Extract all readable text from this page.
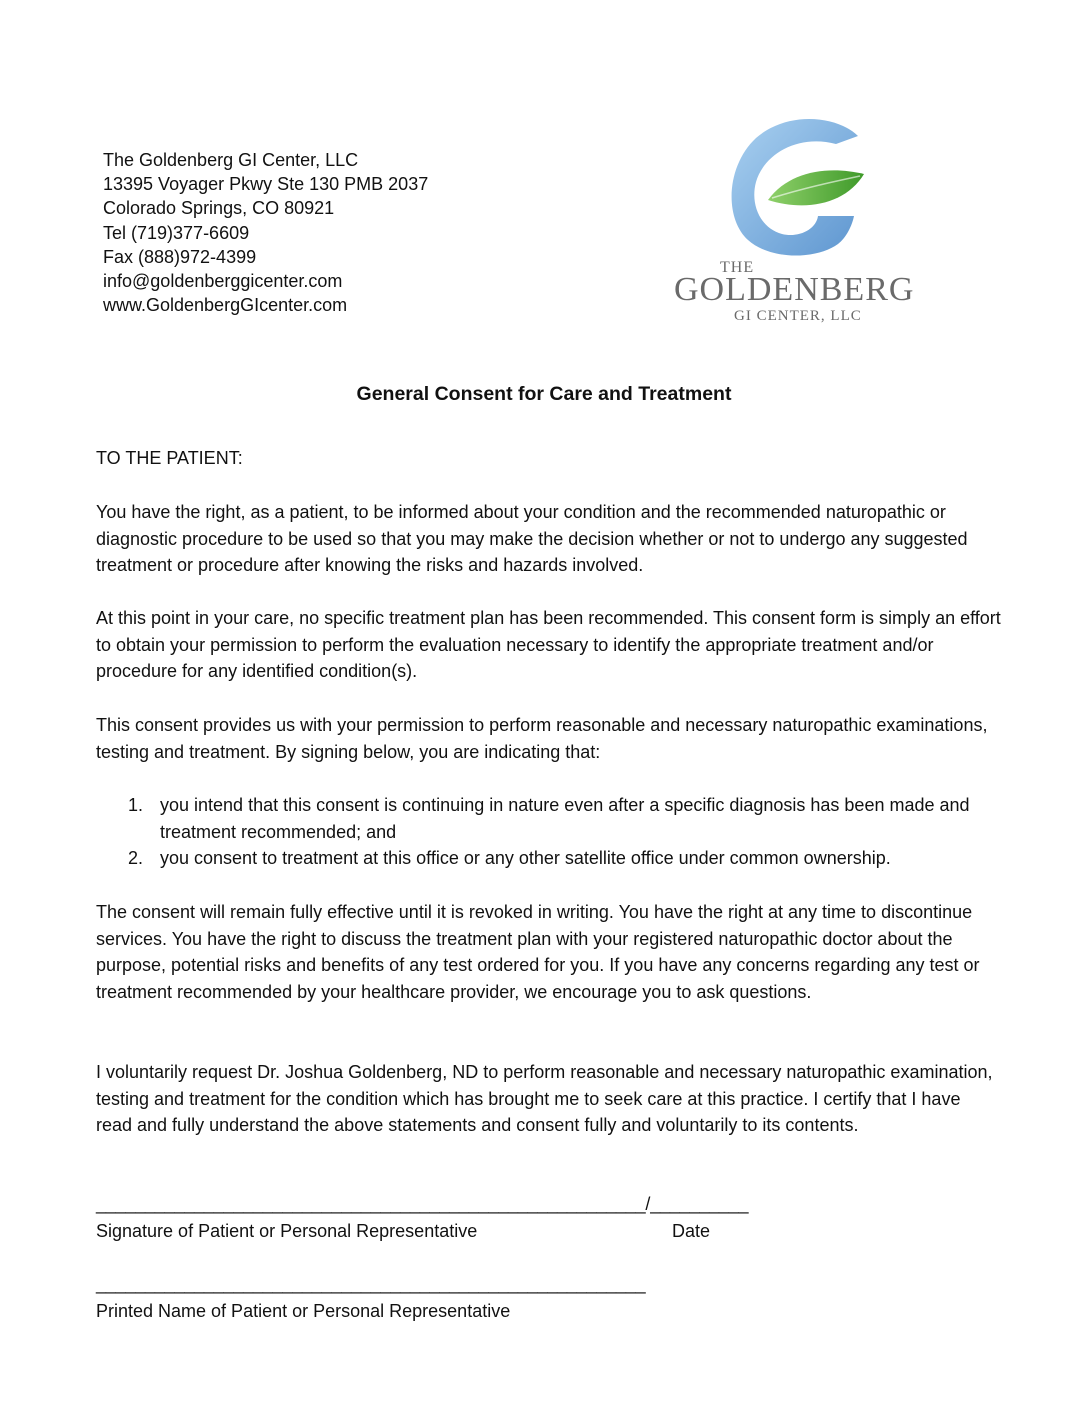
The Goldenberg GI Center, LLC
13395 Voyager Pkwy Ste 130 PMB 2037
Colorado Springs, CO 80921
Tel (719)377-6609
Fax (888)972-4399
info@goldenberggicenter.com
www.GoldenbergGIcenter.com
THE
GOLDENBERG
GI CENTER, LLC
General Consent for Care and Treatment

TO THE PATIENT:

You have the right, as a patient, to be informed about your condition and the recommended naturopathic or diagnostic procedure to be used so that you may make the decision whether or not to undergo any suggested treatment or procedure after knowing the risks and hazards involved.

At this point in your care, no specific treatment plan has been recommended. This consent form is simply an effort to obtain your permission to perform the evaluation necessary to identify the appropriate treatment and/or procedure for any identified condition(s).

This consent provides us with your permission to perform reasonable and necessary naturopathic examinations, testing and treatment. By signing below, you are indicating that:

1. you intend that this consent is continuing in nature even after a specific diagnosis has been made and treatment recommended; and
2. you consent to treatment at this office or any other satellite office under common ownership.

The consent will remain fully effective until it is revoked in writing. You have the right at any time to discontinue services. You have the right to discuss the treatment plan with your registered naturopathic doctor about the purpose, potential risks and benefits of any test ordered for you. If you have any concerns regarding any test or treatment recommended by your healthcare provider, we encourage you to ask questions.

I voluntarily request Dr. Joshua Goldenberg, ND to perform reasonable and necessary naturopathic examination, testing and treatment for the condition which has brought me to seek care at this practice. I certify that I have read and fully understand the above statements and consent fully and voluntarily to its contents.

________________________________________________________/__________
Signature of Patient or Personal Representative	Date
________________________________________________________
Printed Name of Patient or Personal Representative
